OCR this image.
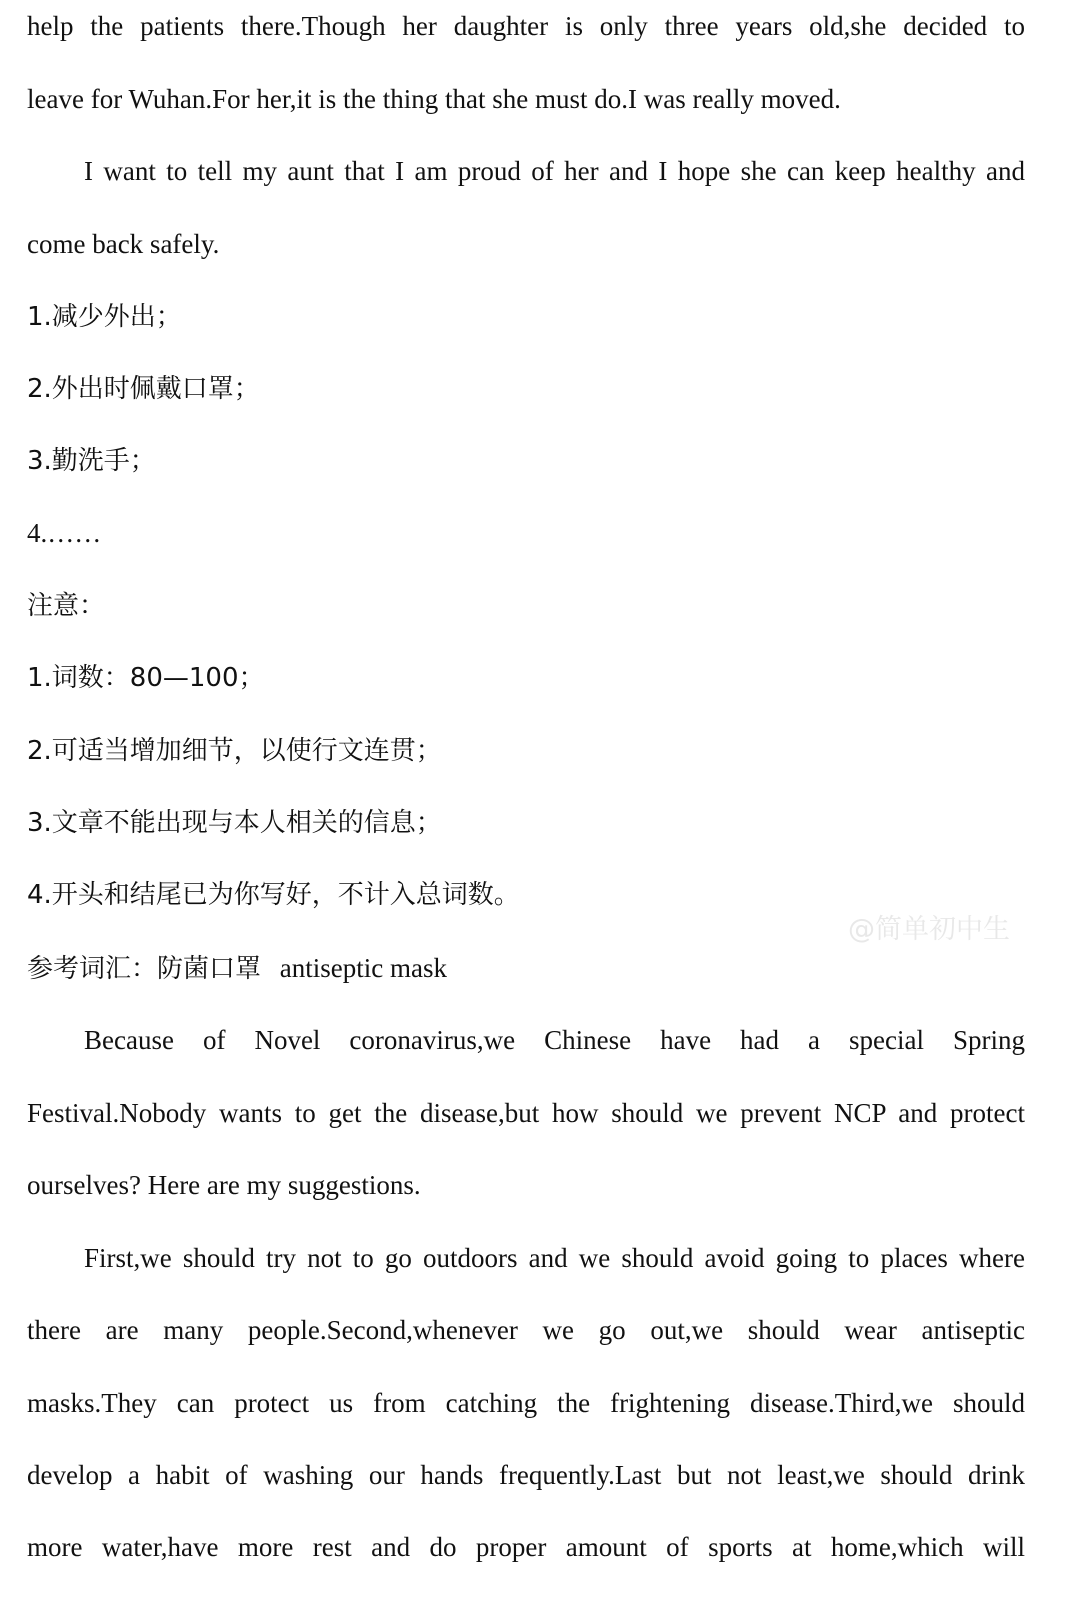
help the patients there.Though her daughter is only three years old,she decided to
leave for Wuhan.For her,it is the thing that she must do.I was really moved.
I want to tell my aunt that I am proud of her and I hope she can keep healthy and
come back safely.
1.减少外出；
2.外出时佩戴口罩；
3.勤洗手；
4.……
注意：
1.词数：80—100；
2.可适当增加细节，以使行文连贯；
3.文章不能出现与本人相关的信息；
4.开头和结尾已为你写好，不计入总词数。
参考词汇：防菌口罩 antiseptic mask
Because of Novel coronavirus,we Chinese have had a special Spring
Festival.Nobody wants to get the disease,but how should we prevent NCP and protect
ourselves? Here are my suggestions.
First,we should try not to go outdoors and we should avoid going to places where
there are many people.Second,whenever we go out,we should wear antiseptic
masks.They can protect us from catching the frightening disease.Third,we should
develop a habit of washing our hands frequently.Last but not least,we should drink
more water,have more rest and do proper amount of sports at home,which will
@简单初中生
